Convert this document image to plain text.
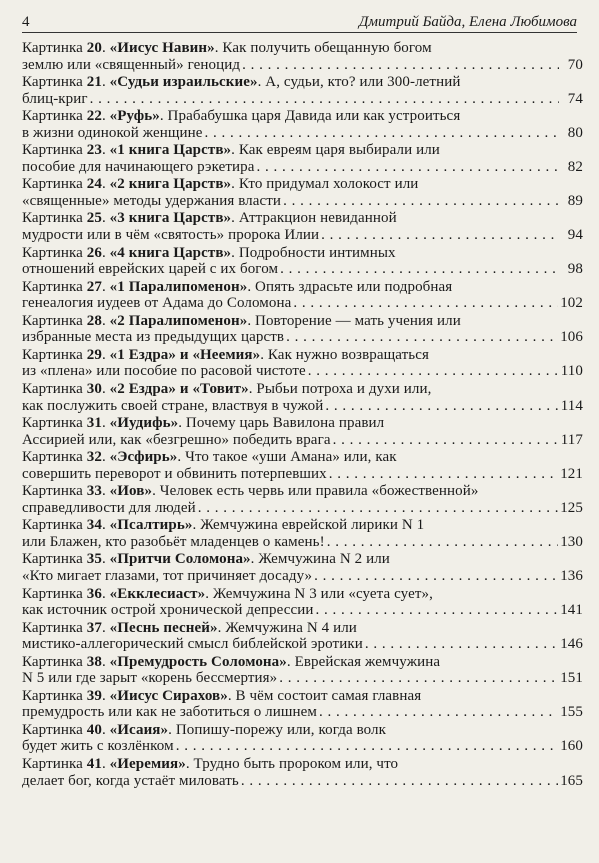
4	Дмитрий Байда, Елена Любимова
Картинка 20. «Иисус Навин». Как получить обещанную богом
землю или «священный» геноцид . . .	70
Картинка 21. «Судьи израильские». А, судьи, кто? или 300-летний
блиц-криг . . .	74
Картинка 22. «Руфь». Прабабушка царя Давида или как устроиться
в жизни одинокой женщине . . .	80
Картинка 23. «1 книга Царств». Как евреям царя выбирали или
пособие для начинающего рэкетира . . .	82
Картинка 24. «2 книга Царств». Кто придумал холокост или
«священные» методы удержания власти . . .	89
Картинка 25. «3 книга Царств». Аттракцион невиданной
мудрости или в чём «святость» пророка Илии . . .	94
Картинка 26. «4 книга Царств». Подробности интимных
отношений еврейских царей с их богом . . .	98
Картинка 27. «1 Паралипоменон». Опять здрасьте или подробная
генеалогия иудеев от Адама до Соломона . . .	102
Картинка 28. «2 Паралипоменон». Повторение — мать учения или
избранные места из предыдущих царств . . .	106
Картинка 29. «1 Ездра» и «Неемия». Как нужно возвращаться
из «плена» или пособие по расовой чистоте . . .	110
Картинка 30. «2 Ездра» и «Товит». Рыбьи потроха и духи или,
как послужить своей стране, властвуя в чужой . . .	114
Картинка 31. «Иудифь». Почему царь Вавилона правил
Ассирией или, как «безгрешно» победить врага . . .	117
Картинка 32. «Эсфирь». Что такое «уши Амана» или, как
совершить переворот и обвинить потерпевших . . .	121
Картинка 33. «Иов». Человек есть червь или правила «божественной»
справедливости для людей . . .	125
Картинка 34. «Псалтирь». Жемчужина еврейской лирики N 1
или Блажен, кто разобьёт младенцев о камень! . . .	130
Картинка 35. «Притчи Соломона». Жемчужина N 2 или
«Кто мигает глазами, тот причиняет досаду» . . .	136
Картинка 36. «Екклесиаст». Жемчужина N 3 или «суета сует»,
как источник острой хронической депрессии . . .	141
Картинка 37. «Песнь песней». Жемчужина N 4 или
мистико-аллегорический смысл библейской эротики . . .	146
Картинка 38. «Премудрость Соломона». Еврейская жемчужина
N 5 или где зарыт «корень бессмертия» . . .	151
Картинка 39. «Иисус Сирахов». В чём состоит самая главная
премудрость или как не заботиться о лишнем . . .	155
Картинка 40. «Исаия». Попишу-порежу или, когда волк
будет жить с козлёнком . . .	160
Картинка 41. «Иеремия». Трудно быть пророком или, что
делает бог, когда устаёт миловать . . .	165
